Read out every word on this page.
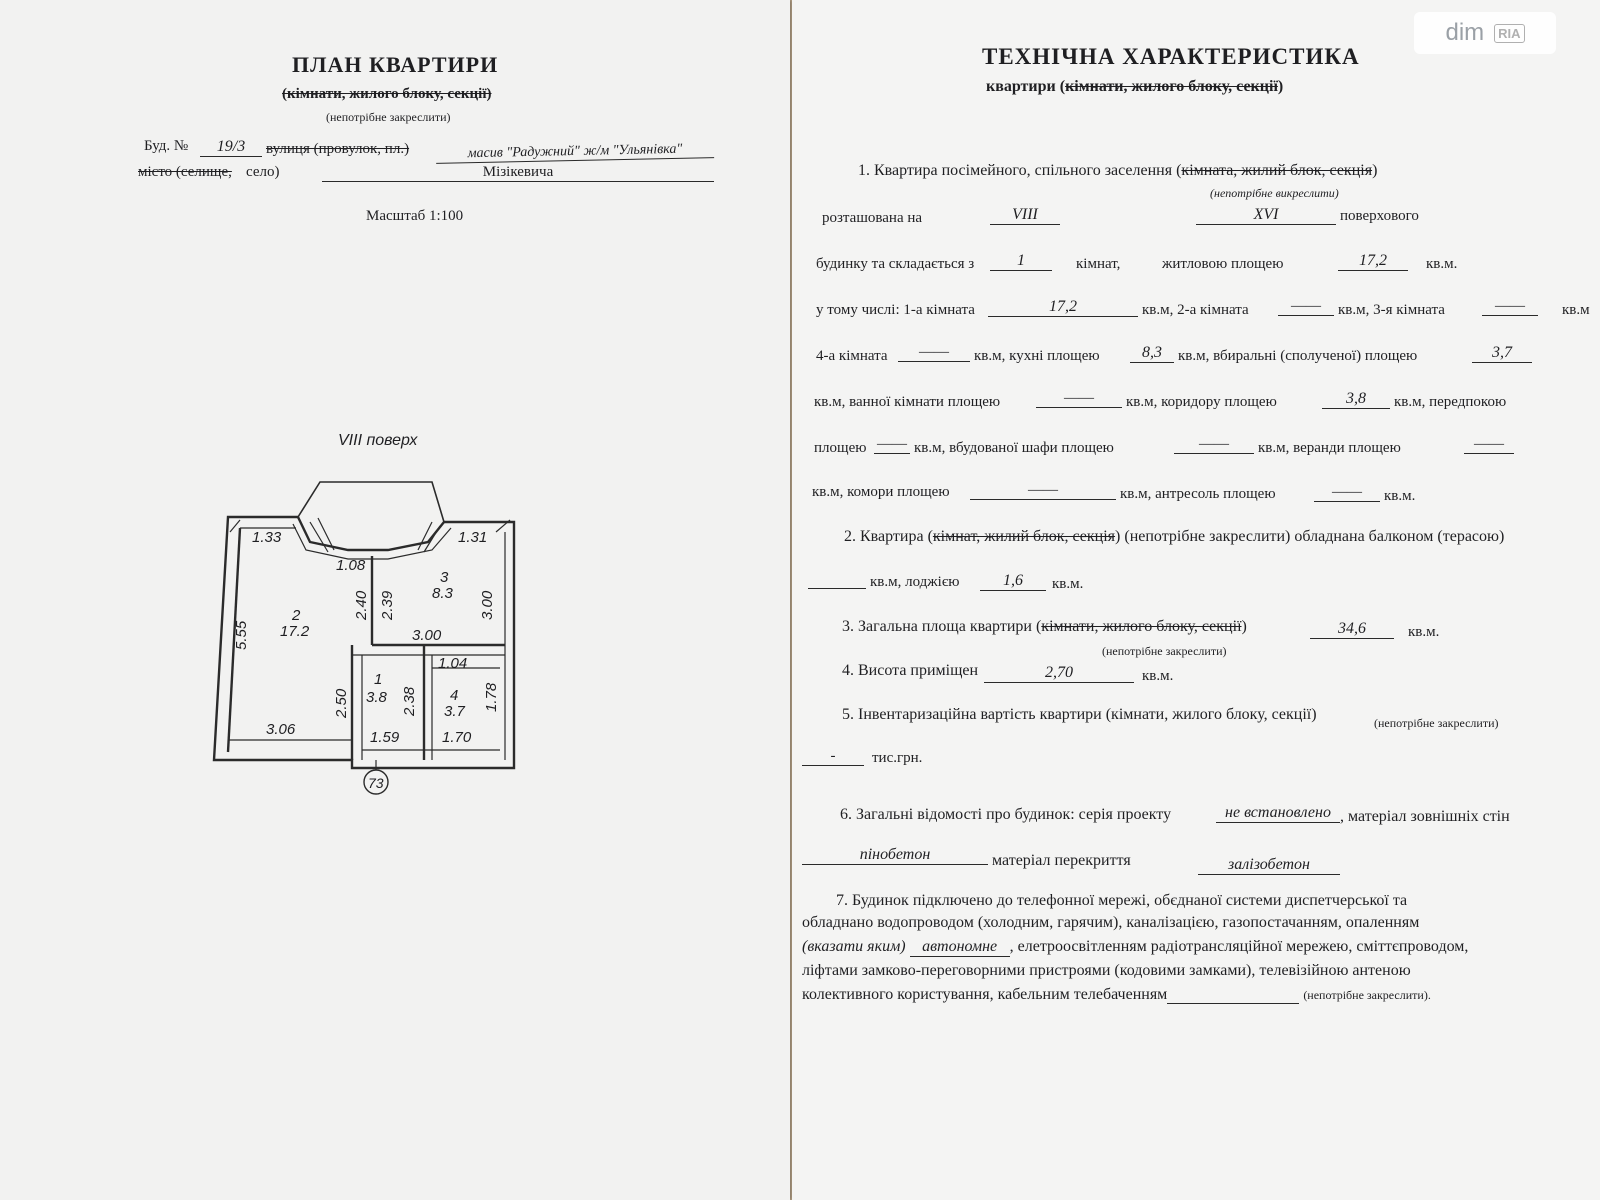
ПЛАН КВАРТИРИ
(кімнати, жилого блоку, секції)
(непотрібне закреслити)
Буд. №	19/3	вулиця (провулок, пл.)	масив "Радужний" ж/м "Ульянівка"
місто (селище, село)	Мізікевича
Масштаб 1:100
VIII поверх
1.33
1.08
1.31
2
17.2
5.55
2.40 2.39
3
8.3 3.00
3.00
1
3.8
2.50	2.38
1.04
4
3.7 1.78
3.06	1.59	1.70
73
ТЕХНІЧНА ХАРАКТЕРИСТИКА
квартири (кімнати, жилого блоку, секції)
1. Квартира посімейного, спільного заселення (кімната, жилий блок, секція)
(непотрібне викреслити)
розташована на	VIII	XVI	поверхового
будинку та складається з	1	кімнат,	житловою площею	17,2	кв.м.
у тому числі: 1-а кімната	17,2	кв.м, 2-а кімната	——	кв.м, 3-я кімната	——	кв.м
4-а кімната	——	кв.м, кухні площею	8,3	кв.м, вбиральні (сполученої) площею	3,7
кв.м, ванної кімнати площею	——	кв.м, коридору площею	3,8	кв.м, передпокою
площею —— кв.м, вбудованої шафи площею	——	кв.м, веранди площею	——
кв.м, комори площею	——	кв.м, антресоль площею	——	кв.м.
2. Квартира (кімнат, жилий блок, секція) (непотрібне закреслити) обладнана балконом (терасою)
кв.м, лоджією	1,6	кв.м.
3. Загальна площа квартири (кімнати, жилого блоку, секції)	34,6	кв.м.
(непотрібне закреслити)
4. Висота приміщен	2,70	кв.м.
5. Інвентаризаційна вартість квартири (кімнати, жилого блоку, секції)	(непотрібне закреслити)
-	тис.грн.
6. Загальні відомості про будинок: серія проекту	не встановлено , матеріал зовнішніх стін
пінобетон	матеріал перекриття	залізобетон
7. Будинок підключено до телефонної мережі, обєднаної системи диспетчерської та
обладнано водопроводом (холодним, гарячим), каналізацією, газопостачанням, опаленням
(вказати яким) автономне , елетроосвітленням радіотрансляційної мережею, сміттєпроводом,
ліфтами замково-переговорними пристроями (кодовими замками), телевізійною антеною
колективного користування, кабельним телебаченням	(непотрібне закреслити).
dim	RIA
